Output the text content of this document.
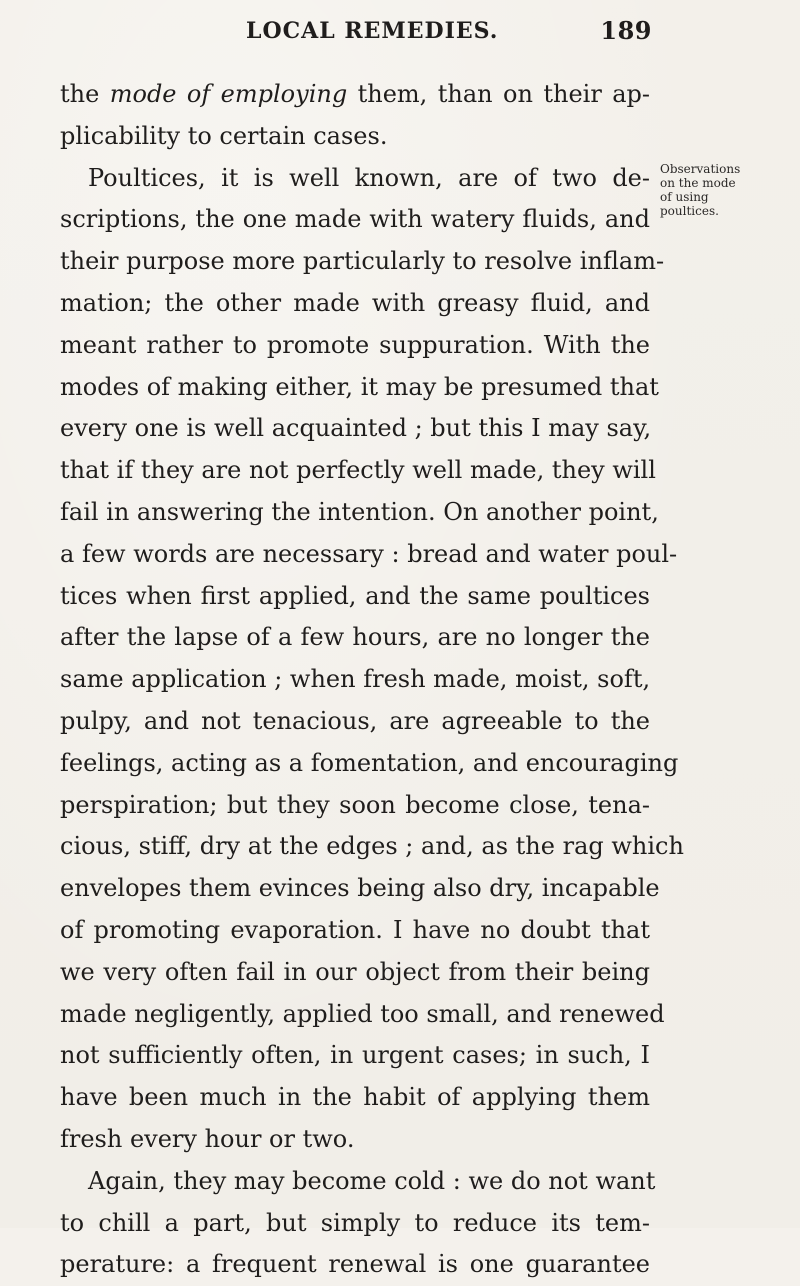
LOCAL REMEDIES.	189
Observations
on the mode
of using
poultices.
the mode of employing them, than on their ap-
plicability to certain cases.
Poultices, it is well known, are of two de-
scriptions, the one made with watery fluids, and
their purpose more particularly to resolve inflam-
mation; the other made with greasy fluid, and
meant rather to promote suppuration. With the
modes of making either, it may be presumed that
every one is well acquainted ; but this I may say,
that if they are not perfectly well made, they will
fail in answering the intention. On another point,
a few words are necessary : bread and water poul-
tices when first applied, and the same poultices
after the lapse of a few hours, are no longer the
same application ; when fresh made, moist, soft,
pulpy, and not tenacious, are agreeable to the
feelings, acting as a fomentation, and encouraging
perspiration; but they soon become close, tena-
cious, stiff, dry at the edges ; and, as the rag which
envelopes them evinces being also dry, incapable
of promoting evaporation. I have no doubt that
we very often fail in our object from their being
made negligently, applied too small, and renewed
not sufficiently often, in urgent cases; in such, I
have been much in the habit of applying them
fresh every hour or two.
Again, they may become cold : we do not want
to chill a part, but simply to reduce its tem-
perature: a frequent renewal is one guarantee
